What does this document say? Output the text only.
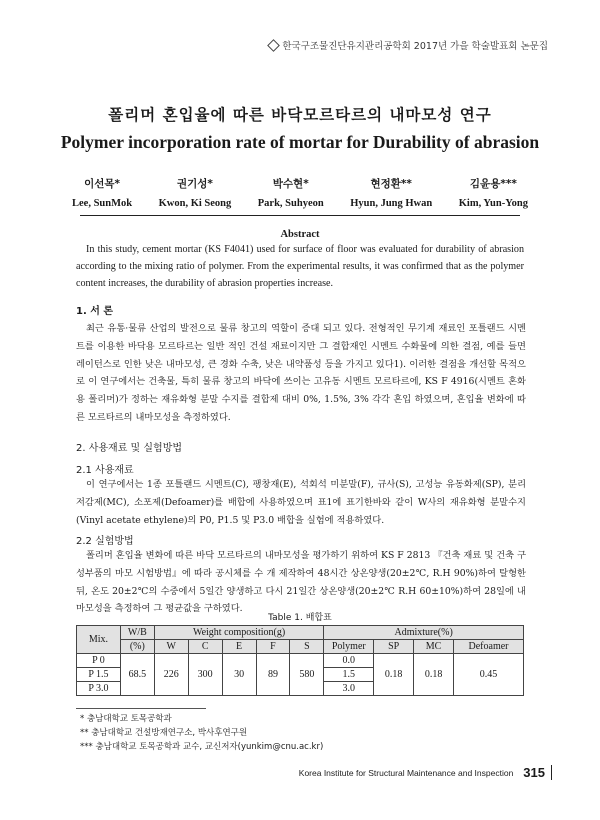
한국구조물진단유지관리공학회 2017년 가을 학술발표회 논문집
폴리머 혼입율에 따른 바닥모르타르의 내마모성 연구
Polymer incorporation rate of mortar for Durability of abrasion
이선목*
Lee, SunMok
권기성*
Kwon, Ki Seong
박수현*
Park, Suhyeon
현정환**
Hyun, Jung Hwan
김윤용***
Kim, Yun-Yong
Abstract
In this study, cement mortar (KS F4041) used for surface of floor was evaluated for durability of abrasion according to the mixing ratio of polymer. From the experimental results, it was confirmed that as the polymer content increases, the durability of abrasion properties increase.
1. 서 론
최근 유통·물류 산업의 발전으로 물류 창고의 역할이 증대 되고 있다. 전형적인 무기계 재료인 포틀랜드 시멘트를 이용한 바닥용 모르타르는 일반 적인 건설 재료이지만 그 결합재인 시멘트 수화물에 의한 결점, 예를 들면 레이턴스로 인한 낮은 내마모성, 큰 경화 수축, 낮은 내약품성 등을 가지고 있다1). 이러한 결점을 개선할 목적으로 이 연구에서는 건축물, 특히 물류 창고의 바닥에 쓰이는 고유동 시멘트 모르타르에, KS F 4916(시멘트 혼화용 폴리머)가 정하는 재유화형 분말 수지를 결합제 대비 0%, 1.5%, 3% 각각 혼입 하였으며, 혼입율 변화에 따른 모르타르의 내마모성을 측정하였다.
2. 사용재료 및 실험방법
2.1 사용재료
이 연구에서는 1종 포틀랜드 시멘트(C), 팽창재(E), 석회석 미분말(F), 규사(S), 고성능 유동화제(SP), 분리 저감제(MC), 소포제(Defoamer)를 배합에 사용하였으며 표1에 표기한바와 같이 W사의 재유화형 분말수지(Vinyl acetate ethylene)의 P0, P1.5 및 P3.0 배합을 실험에 적용하였다.
2.2 실험방법
폴리머 혼입율 변화에 따른 바닥 모르타르의 내마모성을 평가하기 위하여 KS F 2813 『건축 재료 및 건축 구성부품의 마모 시험방법』에 따라 공시체를 수 개 제작하여 48시간 상온양생(20±2℃, R.H 90%)하여 탈형한 뒤, 온도 20±2℃의 수중에서 5일간 양생하고 다시 21일간 상온양생(20±2℃ R.H 60±10%)하여 28일에 내마모성을 측정하여 그 평균값을 구하였다.
Table 1. 배합표
Mix.	W/B	Weight composition(g)					Admixture(%)			
	(%)	W	C	E	F	S	Polymer	SP	MC	Defoamer
P 0	68.5	226	300	30	89	580	0.0	0.18	0.18	0.45
P 1.5							1.5			
P 3.0							3.0			
* 충남대학교 토목공학과
** 충남대학교 건설방재연구소, 박사후연구원
*** 충남대학교 토목공학과 교수, 교신저자(yunkim@cnu.ac.kr)
Korea Institute for Structural Maintenance and Inspection 315
